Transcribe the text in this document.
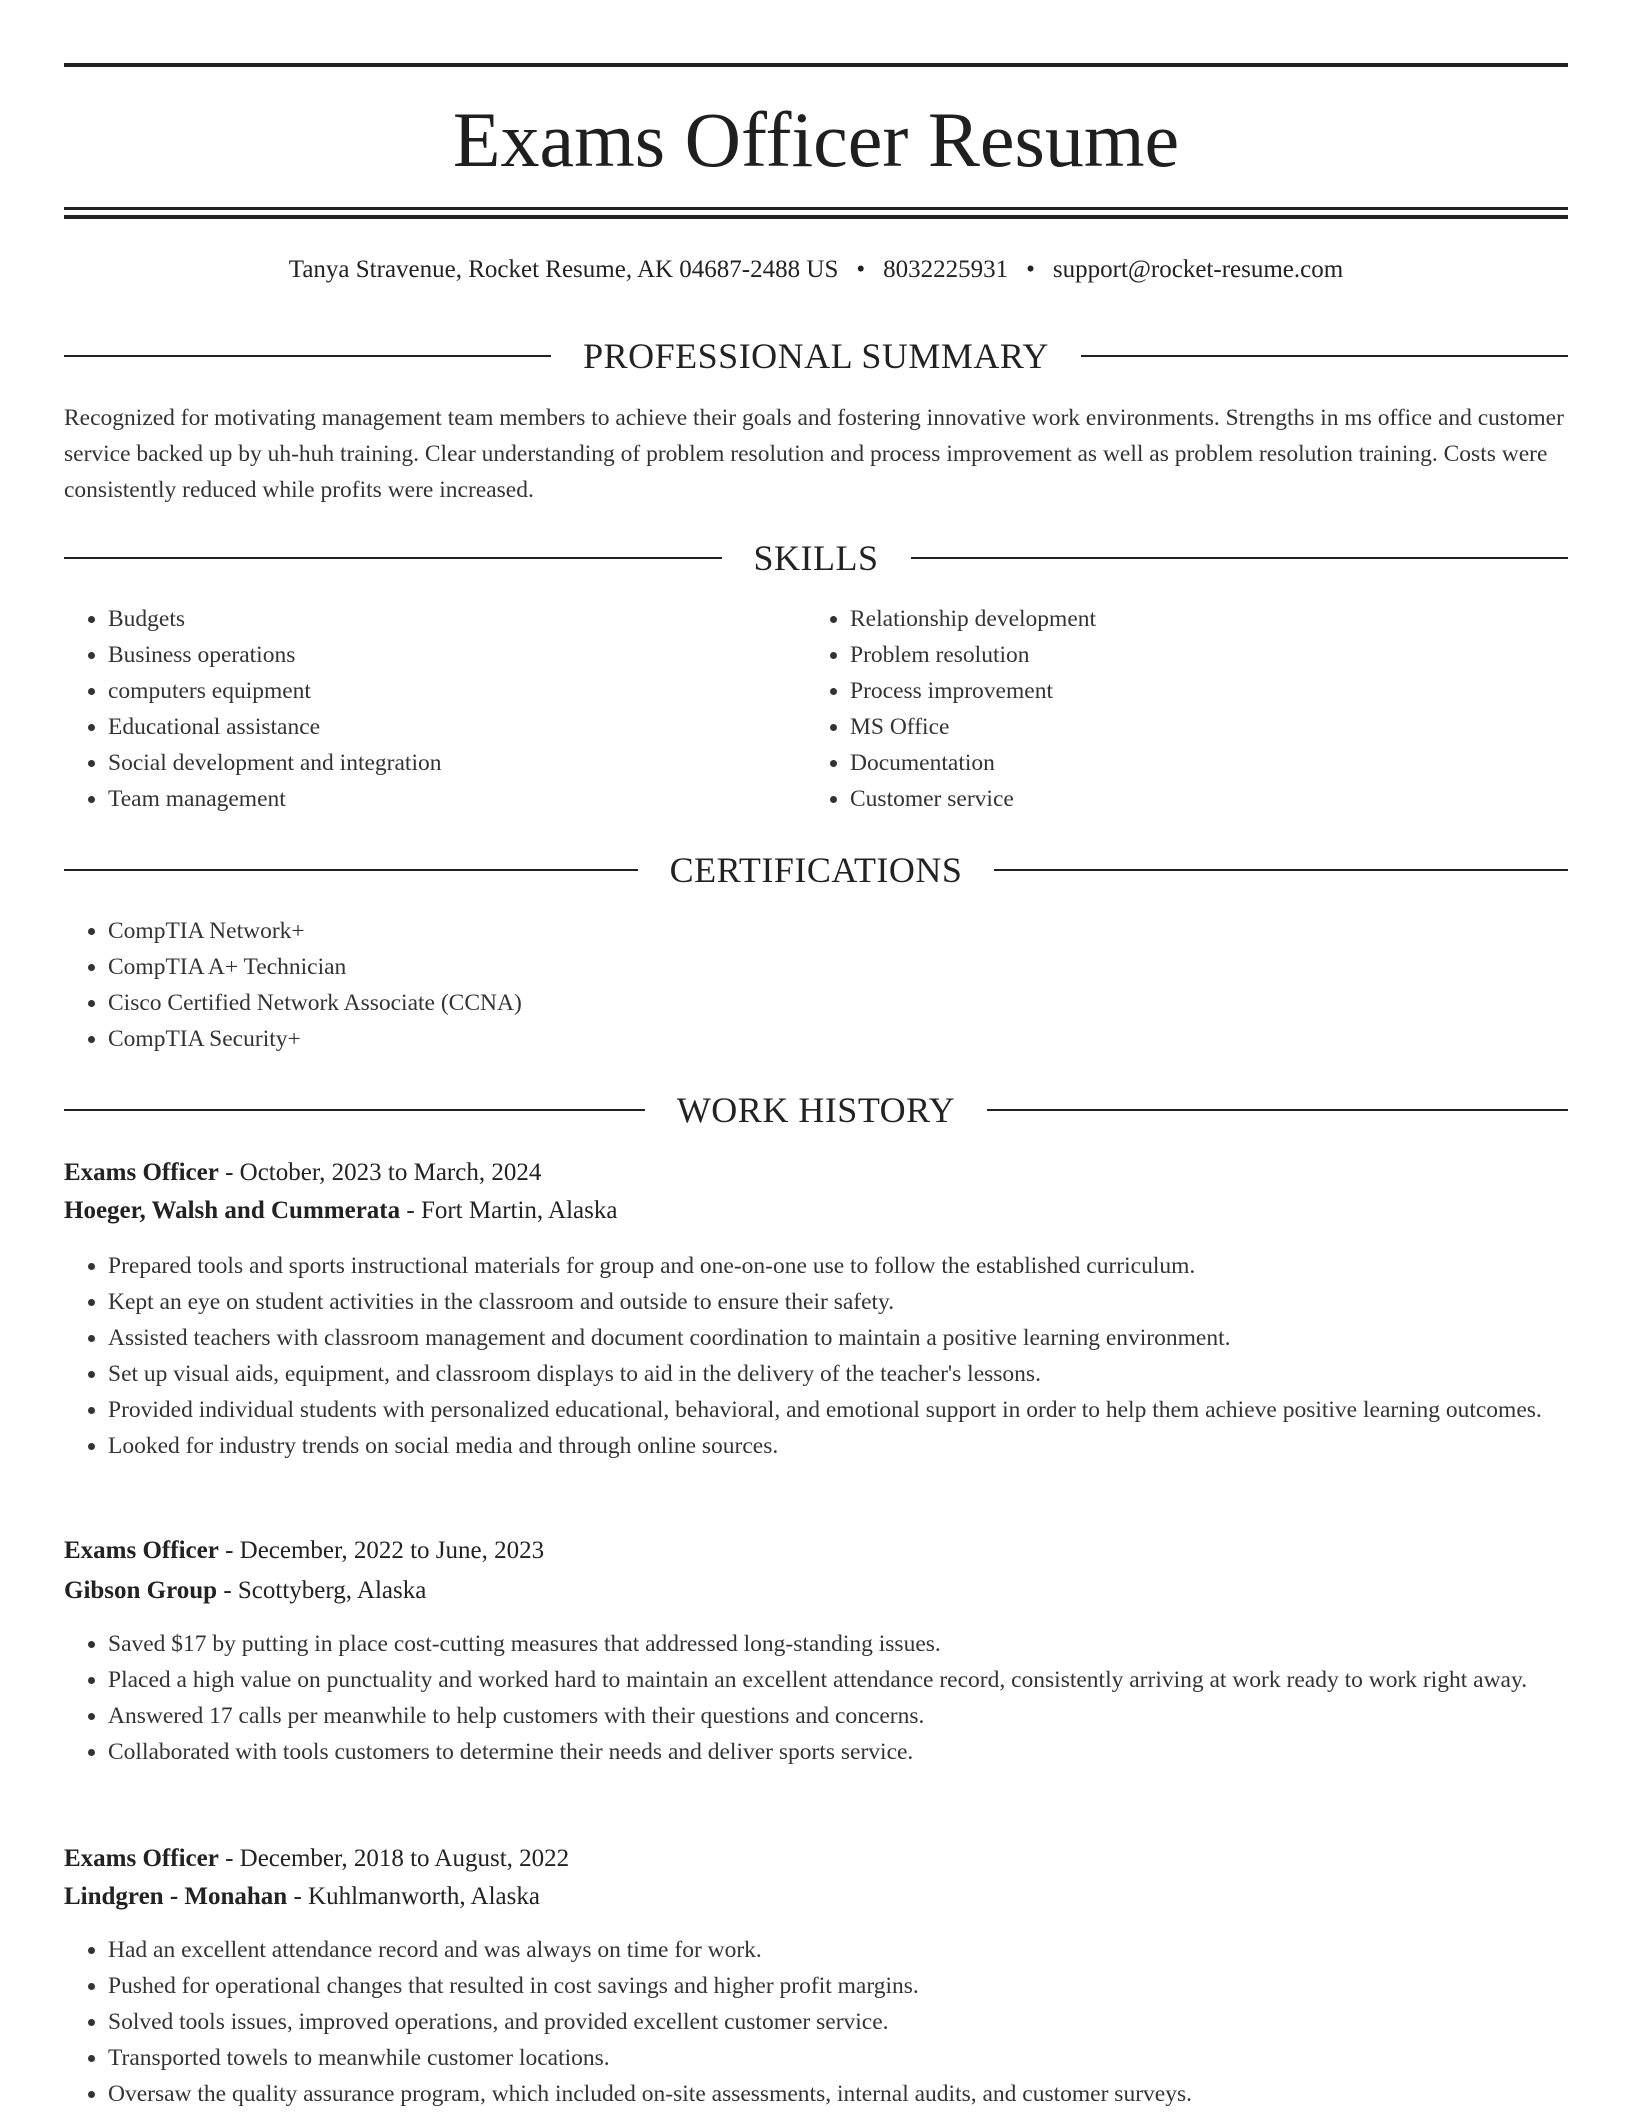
Exams Officer Resume
Tanya Stravenue, Rocket Resume, AK 04687-2488 US • 8032225931 • support@rocket-resume.com
PROFESSIONAL SUMMARY
Recognized for motivating management team members to achieve their goals and fostering innovative work environments. Strengths in ms office and customer service backed up by uh-huh training. Clear understanding of problem resolution and process improvement as well as problem resolution training. Costs were consistently reduced while profits were increased.
SKILLS
• Budgets
• Business operations
• computers equipment
• Educational assistance
• Social development and integration
• Team management
• Relationship development
• Problem resolution
• Process improvement
• MS Office
• Documentation
• Customer service
CERTIFICATIONS
• CompTIA Network+
• CompTIA A+ Technician
• Cisco Certified Network Associate (CCNA)
• CompTIA Security+
WORK HISTORY
Exams Officer - October, 2023 to March, 2024
Hoeger, Walsh and Cummerata - Fort Martin, Alaska
• Prepared tools and sports instructional materials for group and one-on-one use to follow the established curriculum.
• Kept an eye on student activities in the classroom and outside to ensure their safety.
• Assisted teachers with classroom management and document coordination to maintain a positive learning environment.
• Set up visual aids, equipment, and classroom displays to aid in the delivery of the teacher's lessons.
• Provided individual students with personalized educational, behavioral, and emotional support in order to help them achieve positive learning outcomes.
• Looked for industry trends on social media and through online sources.
Exams Officer - December, 2022 to June, 2023
Gibson Group - Scottyberg, Alaska
• Saved $17 by putting in place cost-cutting measures that addressed long-standing issues.
• Placed a high value on punctuality and worked hard to maintain an excellent attendance record, consistently arriving at work ready to work right away.
• Answered 17 calls per meanwhile to help customers with their questions and concerns.
• Collaborated with tools customers to determine their needs and deliver sports service.
Exams Officer - December, 2018 to August, 2022
Lindgren - Monahan - Kuhlmanworth, Alaska
• Had an excellent attendance record and was always on time for work.
• Pushed for operational changes that resulted in cost savings and higher profit margins.
• Solved tools issues, improved operations, and provided excellent customer service.
• Transported towels to meanwhile customer locations.
• Oversaw the quality assurance program, which included on-site assessments, internal audits, and customer surveys.
